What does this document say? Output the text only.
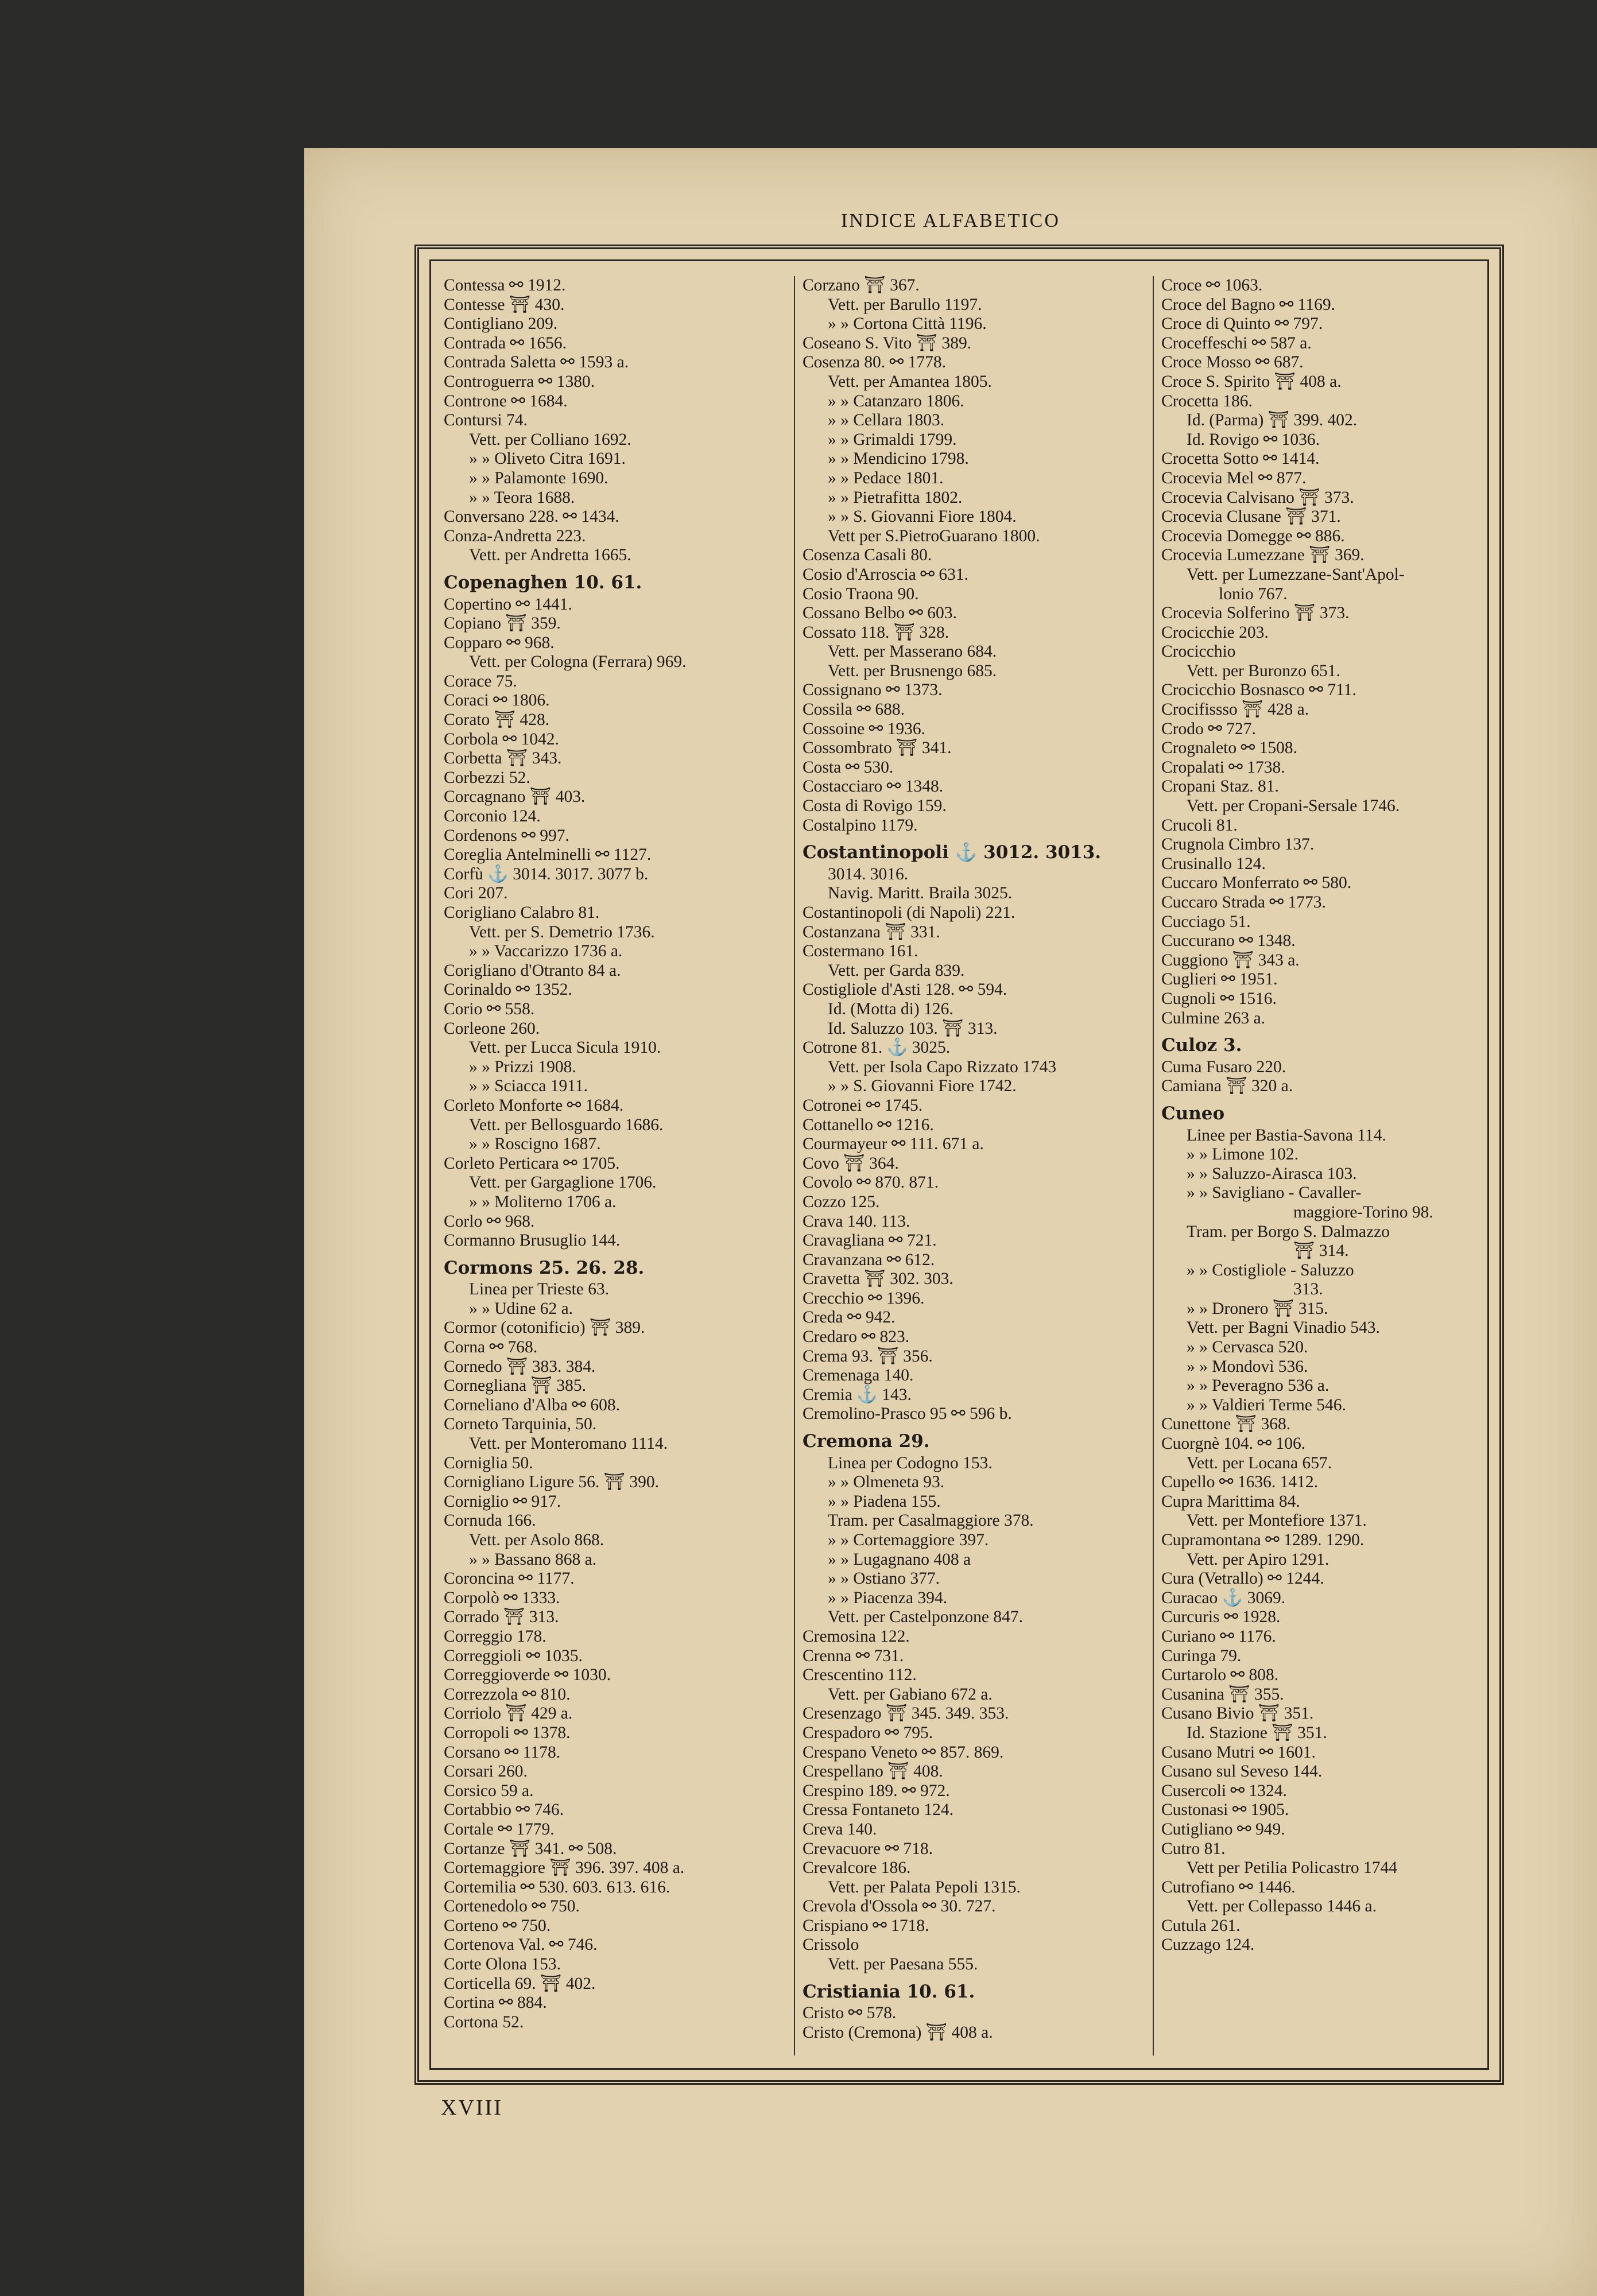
INDICE ALFABETICO
Contessa ⚯ 1912.
Contesse ⛩ 430.
Contigliano 209.
Contrada ⚯ 1656.
Contrada Saletta ⚯ 1593 a.
Controguerra ⚯ 1380.
Controne ⚯ 1684.
Contursi 74.
Vett. per Colliano 1692.
» » Oliveto Citra 1691.
» » Palamonte 1690.
» » Teora 1688.
Conversano 228. ⚯ 1434.
Conza-Andretta 223.
Vett. per Andretta 1665.
Copenaghen 10. 61.
Copertino ⚯ 1441.
Copiano ⛩ 359.
Copparo ⚯ 968.
Vett. per Cologna (Ferrara) 969.
Corace 75.
Coraci ⚯ 1806.
Corato ⛩ 428.
Corbola ⚯ 1042.
Corbetta ⛩ 343.
Corbezzi 52.
Corcagnano ⛩ 403.
Corconio 124.
Cordenons ⚯ 997.
Coreglia Antelminelli ⚯ 1127.
Corfù ⚓ 3014. 3017. 3077 b.
Cori 207.
Corigliano Calabro 81.
Vett. per S. Demetrio 1736.
» » Vaccarizzo 1736 a.
Corigliano d'Otranto 84 a.
Corinaldo ⚯ 1352.
Corio ⚯ 558.
Corleone 260.
Vett. per Lucca Sicula 1910.
» » Prizzi 1908.
» » Sciacca 1911.
Corleto Monforte ⚯ 1684.
Vett. per Bellosguardo 1686.
» » Roscigno 1687.
Corleto Perticara ⚯ 1705.
Vett. per Gargaglione 1706.
» » Moliterno 1706 a.
Corlo ⚯ 968.
Cormanno Brusuglio 144.
Cormons 25. 26. 28.
Linea per Trieste 63.
» » Udine 62 a.
Cormor (cotonificio) ⛩ 389.
Corna ⚯ 768.
Cornedo ⛩ 383. 384.
Cornegliana ⛩ 385.
Corneliano d'Alba ⚯ 608.
Corneto Tarquinia, 50.
Vett. per Monteromano 1114.
Corniglia 50.
Cornigliano Ligure 56. ⛩ 390.
Corniglio ⚯ 917.
Cornuda 166.
Vett. per Asolo 868.
» » Bassano 868 a.
Coroncina ⚯ 1177.
Corpolò ⚯ 1333.
Corrado ⛩ 313.
Correggio 178.
Correggioli ⚯ 1035.
Correggioverde ⚯ 1030.
Correzzola ⚯ 810.
Corriolo ⛩ 429 a.
Corropoli ⚯ 1378.
Corsano ⚯ 1178.
Corsari 260.
Corsico 59 a.
Cortabbio ⚯ 746.
Cortale ⚯ 1779.
Cortanze ⛩ 341. ⚯ 508.
Cortemaggiore ⛩ 396. 397. 408 a.
Cortemilia ⚯ 530. 603. 613. 616.
Cortenedolo ⚯ 750.
Corteno ⚯ 750.
Cortenova Val. ⚯ 746.
Corte Olona 153.
Corticella 69. ⛩ 402.
Cortina ⚯ 884.
Cortona 52.
Corzano ⛩ 367.
Vett. per Barullo 1197.
» » Cortona Città 1196.
Coseano S. Vito ⛩ 389.
Cosenza 80. ⚯ 1778.
Vett. per Amantea 1805.
» » Catanzaro 1806.
» » Cellara 1803.
» » Grimaldi 1799.
» » Mendicino 1798.
» » Pedace 1801.
» » Pietrafitta 1802.
» » S. Giovanni Fiore 1804.
Vett per S.PietroGuarano 1800.
Cosenza Casali 80.
Cosio d'Arroscia ⚯ 631.
Cosio Traona 90.
Cossano Belbo ⚯ 603.
Cossato 118. ⛩ 328.
Vett. per Masserano 684.
Vett. per Brusnengo 685.
Cossignano ⚯ 1373.
Cossila ⚯ 688.
Cossoine ⚯ 1936.
Cossombrato ⛩ 341.
Costa ⚯ 530.
Costacciaro ⚯ 1348.
Costa di Rovigo 159.
Costalpino 1179.
Costantinopoli ⚓ 3012. 3013.
3014. 3016.
Navig. Maritt. Braila 3025.
Costantinopoli (di Napoli) 221.
Costanzana ⛩ 331.
Costermano 161.
Vett. per Garda 839.
Costigliole d'Asti 128. ⚯ 594.
Id. (Motta di) 126.
Id. Saluzzo 103. ⛩ 313.
Cotrone 81. ⚓ 3025.
Vett. per Isola Capo Rizzato 1743
» » S. Giovanni Fiore 1742.
Cotronei ⚯ 1745.
Cottanello ⚯ 1216.
Courmayeur ⚯ 111. 671 a.
Covo ⛩ 364.
Covolo ⚯ 870. 871.
Cozzo 125.
Crava 140. 113.
Cravagliana ⚯ 721.
Cravanzana ⚯ 612.
Cravetta ⛩ 302. 303.
Crecchio ⚯ 1396.
Creda ⚯ 942.
Credaro ⚯ 823.
Crema 93. ⛩ 356.
Cremenaga 140.
Cremia ⚓ 143.
Cremolino-Prasco 95 ⚯ 596 b.
Cremona 29.
Linea per Codogno 153.
» » Olmeneta 93.
» » Piadena 155.
Tram. per Casalmaggiore 378.
» » Cortemaggiore 397.
» » Lugagnano 408 a
» » Ostiano 377.
» » Piacenza 394.
Vett. per Castelponzone 847.
Cremosina 122.
Crenna ⚯ 731.
Crescentino 112.
Vett. per Gabiano 672 a.
Cresenzago ⛩ 345. 349. 353.
Crespadoro ⚯ 795.
Crespano Veneto ⚯ 857. 869.
Crespellano ⛩ 408.
Crespino 189. ⚯ 972.
Cressa Fontaneto 124.
Creva 140.
Crevacuore ⚯ 718.
Crevalcore 186.
Vett. per Palata Pepoli 1315.
Crevola d'Ossola ⚯ 30. 727.
Crispiano ⚯ 1718.
Crissolo
Vett. per Paesana 555.
Cristiania 10. 61.
Cristo ⚯ 578.
Cristo (Cremona) ⛩ 408 a.
Croce ⚯ 1063.
Croce del Bagno ⚯ 1169.
Croce di Quinto ⚯ 797.
Croceffeschi ⚯ 587 a.
Croce Mosso ⚯ 687.
Croce S. Spirito ⛩ 408 a.
Crocetta 186.
Id. (Parma) ⛩ 399. 402.
Id. Rovigo ⚯ 1036.
Crocetta Sotto ⚯ 1414.
Crocevia Mel ⚯ 877.
Crocevia Calvisano ⛩ 373.
Crocevia Clusane ⛩ 371.
Crocevia Domegge ⚯ 886.
Crocevia Lumezzane ⛩ 369.
Vett. per Lumezzane-Sant'Apol-
lonio 767.
Crocevia Solferino ⛩ 373.
Crocicchie 203.
Crocicchio
Vett. per Buronzo 651.
Crocicchio Bosnasco ⚯ 711.
Crocifissso ⛩ 428 a.
Crodo ⚯ 727.
Crognaleto ⚯ 1508.
Cropalati ⚯ 1738.
Cropani Staz. 81.
Vett. per Cropani-Sersale 1746.
Crucoli 81.
Crugnola Cimbro 137.
Crusinallo 124.
Cuccaro Monferrato ⚯ 580.
Cuccaro Strada ⚯ 1773.
Cucciago 51.
Cuccurano ⚯ 1348.
Cuggiono ⛩ 343 a.
Cuglieri ⚯ 1951.
Cugnoli ⚯ 1516.
Culmine 263 a.
Culoz 3.
Cuma Fusaro 220.
Camiana ⛩ 320 a.
Cuneo
Linee per Bastia-Savona 114.
» » Limone 102.
» » Saluzzo-Airasca 103.
» » Savigliano - Cavaller-
maggiore-Torino 98.
Tram. per Borgo S. Dalmazzo
⛩ 314.
» » Costigliole - Saluzzo
313.
» » Dronero ⛩ 315.
Vett. per Bagni Vinadio 543.
» » Cervasca 520.
» » Mondovì 536.
» » Peveragno 536 a.
» » Valdieri Terme 546.
Cunettone ⛩ 368.
Cuorgnè 104. ⚯ 106.
Vett. per Locana 657.
Cupello ⚯ 1636. 1412.
Cupra Marittima 84.
Vett. per Montefiore 1371.
Cupramontana ⚯ 1289. 1290.
Vett. per Apiro 1291.
Cura (Vetrallo) ⚯ 1244.
Curacao ⚓ 3069.
Curcuris ⚯ 1928.
Curiano ⚯ 1176.
Curinga 79.
Curtarolo ⚯ 808.
Cusanina ⛩ 355.
Cusano Bivio ⛩ 351.
Id. Stazione ⛩ 351.
Cusano Mutri ⚯ 1601.
Cusano sul Seveso 144.
Cusercoli ⚯ 1324.
Custonasi ⚯ 1905.
Cutigliano ⚯ 949.
Cutro 81.
Vett per Petilia Policastro 1744
Cutrofiano ⚯ 1446.
Vett. per Collepasso 1446 a.
Cutula 261.
Cuzzago 124.
XVIII
